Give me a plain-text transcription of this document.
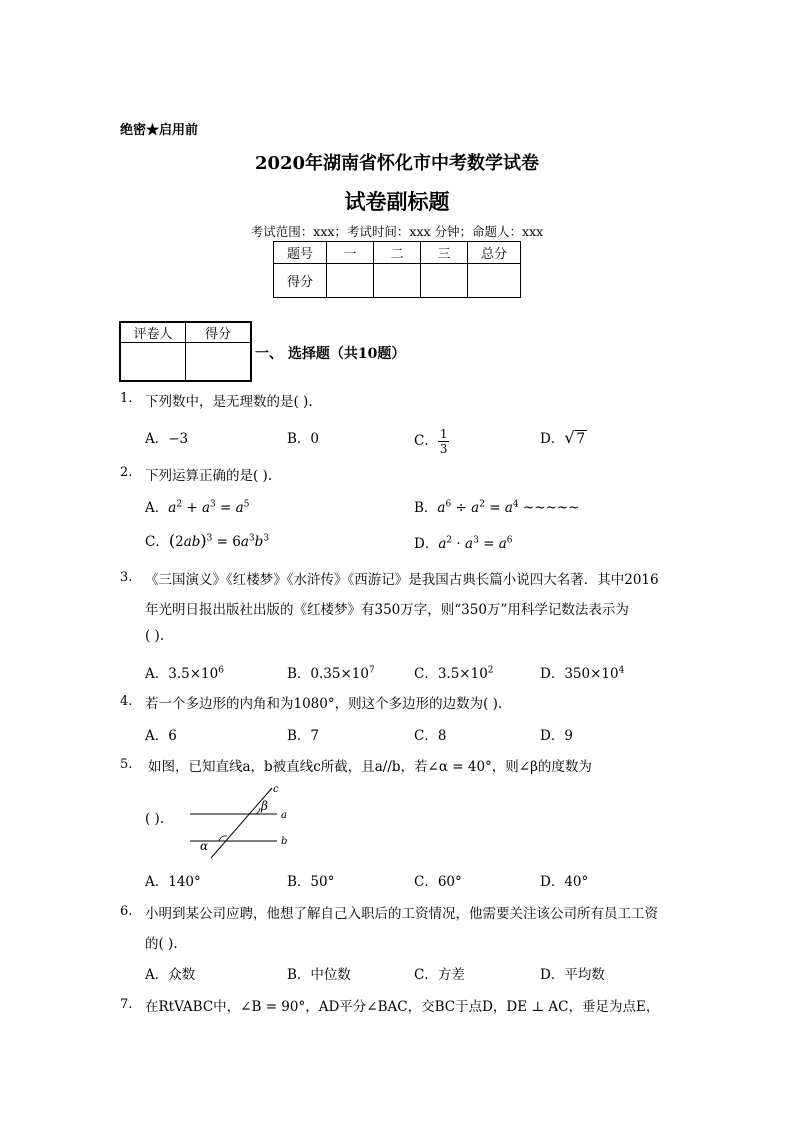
绝密★启用前
2020年湖南省怀化市中考数学试卷
试卷副标题
考试范围：xxx；考试时间：xxx 分钟；命题人：xxx
题号	一	二	三	总分
得分				
评卷人	得分

一、 选择题（共10题）
1. 下列数中，是无理数的是( ).
A．−3	B．0	C． $\frac{1}{3}$	D．√ 7
2. 下列运算正确的是( ).
A．$a^2 + a^3 = a^5$	B．$a^6 \div a^2 = a^4$ ~~~~~
C．$(2ab)^3 = 6a^3b^3$	D．$a^2 \cdot a^3 = a^6$
3. 《三国演义》《红楼梦》《水浒传》《西游记》是我国古典长篇小说四大名著．其中2016
年光明日报出版社出版的《红楼梦》有350万字，则“350万”用科学记数法表示为
( ).
A．$3.5\times 10^6$	B．$0.35\times 10^7$	C．$3.5\times 10^2$	D．$350\times 10^4$
4. 若一个多边形的内角和为1080°，则这个多边形的边数为( ).
A．6	B．7	C．8	D．9
5. 如图，已知直线a，b被直线c所截，且a//b，若∠α = 40°，则∠β的度数为
( ).
c
β
a
α	b
A．140°	B．50°	C．60°	D．40°
6. 小明到某公司应聘，他想了解自己入职后的工资情况，他需要关注该公司所有员工工资
的( ).
A．众数	B．中位数	C．方差	D．平均数
7. 在RtVABC中，∠B = 90°，AD平分∠BAC，交BC于点D，DE ⊥ AC，垂足为点E，
